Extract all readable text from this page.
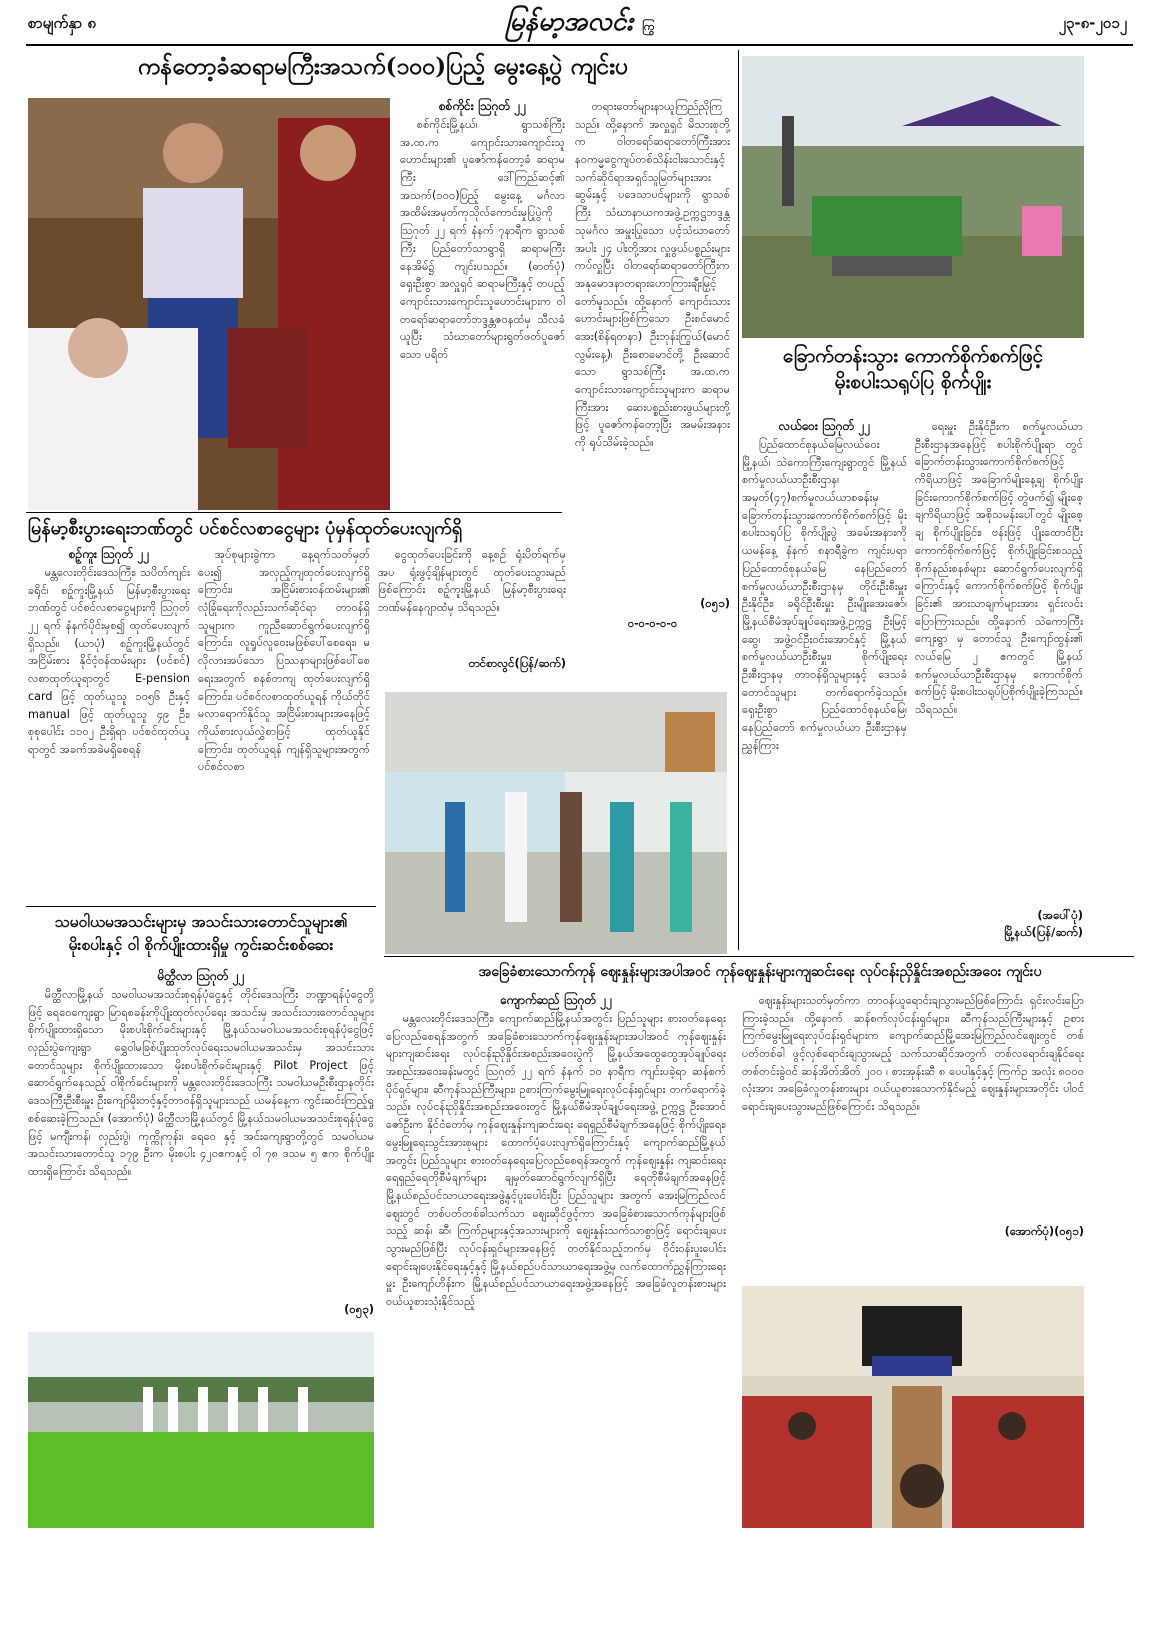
စာမျက်နှာ ၈	မြန်မာ့အလင်း ကြွ	၂၃-၈-၂၀၁၂
ကန်တော့ခံဆရာမကြီးအသက်(၁၀၀)ပြည့် မွေးနေ့ပွဲ ကျင်းပ
စစ်ကိုင်း ဩဂုတ် ၂၂

စစ်ကိုင်းမြို့နယ်၊ ရွာသစ်ကြီး အ.ထ.က ကျောင်းသားကျောင်းသူဟောင်းများ၏ ပူဇော်ကန်တော့ခံ ဆရာမကြီး ဒေါ်ကြည်ဆင့်၏ အသက်(၁၀၀)ပြည့် မွေးနေ့ မင်္ဂလာအထိမ်းအမှတ်ကုသိုလ်ကောင်းမှုပြုပွဲကို ဩဂုတ် ၂၂ ရက် နံနက် ၇နာရီက ရွာသစ်ကြီး ပြည်တော်သာရွာရှိ ဆရာမကြီး နေအိမ်၌ ကျင်းပသည်။ (ဓာတ်ပုံ) ရှေးဦးစွာ အလှူရှင် ဆရာမကြီးနှင့် တပည့်ကျောင်းသားကျောင်းသူဟောင်းများက ဝါတရော်ဆရာတော်ဘဒ္ဒန္တဇဝနထံမှ သီလခံယူပြီး သံဃာတော်များရွတ်ဖတ်ပူဇော်သော ပရိတ်

တရားတော်များနာယူကြည်ညိုကြသည်။ ထို့နောက် အလှူရှင် မိသားစုတို့က ဝါတရော်ဆရာတော်ကြီးအား နဝကမ္မငွေကျပ်တစ်သိန်းငါးသောင်းနှင့် သက်ဆိုင်ရာအရှင်သူမြတ်များအား ဆွမ်းနှင့် ပဒေသာပင်များကို ရွာသစ်ကြီး သံဃာနာယကအဖွဲ့ဥက္ကဋ္ဌဘဒ္ဒန္တသုမင်္ဂလ အမှူးပြုသော ပင့်သံဃာတော်အပါး ၂၄ ပါးတို့အား လှူဖွယ်ပစ္စည်းများ ကပ်လှူပြီး ဝါတရော်ဆရာတော်ကြီးက အနုမောဒနာတရားဟောကြားချီးမြှင့်တော်မူသည်။ ထို့နောက် ကျောင်းသားဟောင်းများဖြစ်ကြသော ဦးစင်မောင်အေး(စိန်ရတနာ) ဦးဘုန်းကြွယ်(မောင်လွမ်းနေ့)၊ ဦးစောမောင်တို့ ဦးဆောင်သော ရွာသစ်ကြီး အ.ထ.က ကျောင်းသားကျောင်းသူများက ဆရာမကြီးအား ဆေးပစ္စည်းစားဖွယ်များတို့ဖြင့် ပူဇော်ကန်တော့ပြီး အမမ်းအနားကို ရုပ်သိမ်းခဲ့သည်။

(၀၅၁)
၀-၀-၀-၀-၀
ခြောက်တန်းသွား ကောက်စိုက်စက်ဖြင့်
မိုးစပါးသရုပ်ပြ စိုက်ပျိုး
လယ်ဝေး ဩဂုတ် ၂၂

ပြည်ထောင်စုနယ်မြေလယ်ဝေးမြို့နယ်၊ သဲကောကြီးကျေးရွာတွင် မြို့နယ်စက်မှုလယ်ယာဦးစီးဌာန၊ အမှတ်(၄၇)စက်မှုလယ်ယာစခန်းမှ ခြောက်တန်းသွားကောက်စိုက်စက်ဖြင့် မိုးစပါးသရုပ်ပြ စိုက်ပျိုးပွဲ အခမ်းအနားကို ယမန်နေ့ နံနက် ၈နာရီခွဲက ကျင်းပရာ ပြည်ထောင်စုနယ်မြေ နေပြည်တော် စက်မှုလယ်ယာဦးစီးဌာနမှ တိုင်းဦးစီးမှူး ဦးနိုင်ဦး၊ ခရိုင်ဦးစီးမှူး ဦးမျိုးအေးဇော်၊ မြို့နယ်စီမံအုပ်ချုပ်ရေးအဖွဲ့ဥက္ကဋ္ဌ ဦးမြင့်ဆွေ၊ အဖွဲ့ဝင်ဦးဝင်းအောင်နှင့် မြို့နယ်စက်မှုလယ်ယာဦးစီးမှူး၊ စိုက်ပျိုးရေးဦးစီးဌာနမှ တာဝန်ရှိသူများနှင့် ဒေသခံတောင်သူများ တက်ရောက်ခဲ့သည်။ ရှေးဦးစွာ ပြည်ထောင်စုနယ်မြေ၊ နေပြည်တော် စက်မှုလယ်ယာ ဦးစီးဌာနမှ ညွှန်ကြား

ရေးမှူး ဦးနိုင်ဦးက စက်မှုလယ်ယာဦးစီးဌာနအနေဖြင့် စပါးစိုက်ပျိုးရာ တွင် ခြောက်တန်းသွားကောက်စိုက်စက်ဖြင့် ကိရိယာဖြင့် အခြောက်မျိုးနေ့ချ စိုက်ပျိုးခြင်းကောက်စိုက်စက်ဖြင့် တွဲဖက်၍ မျိုးစေ့ချကိရိယာဖြင့် အစိုသမန်းပေါ်တွင် မျိုးစေ့ချ စိုက်ပျိုးခြင်း၊ ဗန်းဖြင့် ပျိုးထောင်ပြီး ကောက်စိုက်စက်ဖြင့် စိုက်ပျိုးခြင်းစသည့် စိုက်နည်းစနစ်များ ဆောင်ရွက်ပေးလျက်ရှိကြောင်းနှင့် ကောက်စိုက်စက်ဖြင့် စိုက်ပျိုးခြင်း၏ အားသာချက်များအား ရှင်းလင်းပြောကြားသည်။ ထို့နောက် သဲကောကြီးကျေးရွာ မှ တောင်သူ ဦးကျော်ထွန်း၏ လယ်မြေ ၂ ဧကတွင် မြို့နယ်စက်မှုလယ်ယာဦးစီးဌာနမှ ကောက်စိုက်စက်ဖြင့် မိုးစပါးသရုပ်ပြစိုက်ပျိုးခဲ့ကြသည်။ သိရသည်။

(အပေါ်ပုံ)
မြို့နယ်(ပြန်/ဆက်)
မြန်မာ့စီးပွားရေးဘဏ်တွင် ပင်စင်လစာငွေများ ပုံမှန်ထုတ်ပေးလျက်ရှိ
စဥ့်ကူး ဩဂုတ် ၂၂

မန္တလေးတိုင်းဒေသကြီး၊ သပိတ်ကျင်းခရိုင်၊ စဥ့်ကူးမြို့နယ် မြန်မာ့စီးပွားရေးဘဏ်တွင် ပင်စင်လစာငွေများကို ဩဂုတ် ၂၂ ရက် နံနက်ပိုင်းမှစ၍ ထုတ်ပေးလျက်ရှိသည်။ (ယာပုံ) စဥ့်ကူးမြို့နယ်တွင် အငြိမ်းစား နိုင်ငံ့ဝန်ထမ်းများ (ပင်စင်) လစာထုတ်ယူရာတွင် E-pension card ဖြင့် ထုတ်ယူသူ ၁၀၅၆ ဦးနှင့် manual ဖြင့် ထုတ်ယူသူ ၄၉ ဦး၊ စုစုပေါင်း ၁၁၀၂ ဦးရှိရာ ပင်စင်ထုတ်ယူရာတွင် အခက်အခဲမရှိစေရန်

အုပ်စုများခွဲကာ နေ့ရက်သတ်မှတ်ပေး၍ အလှည့်ကျထုတ်ပေးလျက်ရှိကြောင်း၊ အငြိမ်းစားဝန်ထမ်းများ၏ လုံခြုံရေးကိုလည်းသက်ဆိုင်ရာ တာဝန်ရှိသူများက ကူညီဆောင်ရွက်ပေးလျက်ရှိကြောင်း၊ လူရှုပ်လူဝေးမဖြစ်ပေါ်စေရေး၊ မလိုလားအပ်သော ပြဿနာများဖြစ်ပေါ်စေရေးအတွက် စနစ်တကျ ထုတ်ပေးလျက်ရှိကြောင်း၊ ပင်စင်လစာထုတ်ယူရန် ကိုယ်တိုင်မလာရောက်နိုင်သူ အငြိမ်းစားများအနေဖြင့် ကိုယ်စားလှယ်လွှဲစာဖြင့် ထုတ်ယူနိုင်ကြောင်း၊ ထုတ်ယူရန် ကျန်ရှိသူများအတွက် ပင်စင်လစာ

ငွေထုတ်ပေးခြင်းကို နေ့စဥ် ရုံးပိတ်ရက်မှအပ ရုံးဖွင့်ချိန်များတွင် ထုတ်ပေးသွားမည်ဖြစ်ကြောင်း စဥ့်ကူးမြို့နယ် မြန်မာ့စီးပွားရေးဘဏ်မန်နေဂျာထံမှ သိရသည်။

တင်စာလွင်(ပြန်/ဆက်)
သမဝါယမအသင်းများမှ အသင်းသားတောင်သူများ၏
မိုးစပါးနှင့် ဝါ စိုက်ပျိုးထားရှိမှု ကွင်းဆင်းစစ်ဆေး
မိတ္ထီလာ ဩဂုတ် ၂၂

မိတ္ထီလာမြို့နယ် သမဝါယမအသင်းစုရန်ပုံငွေနှင့် တိုင်းဒေသကြီး ဘဏ္ဍာရန်ပုံငွေတို့ဖြင့် ရေဝေကျေးရွာ မြာရစခန်းကိုပျိုးထုတ်လုပ်ရေး အသင်းမှ အသင်းသားတောင်သူများ စိုက်ပျိုးထားရှိသော မိုးစပါးစိုက်ခင်းများနှင့် မြို့နယ်သမဝါယမအသင်းစုရန်ပုံငွေဖြင့် လှည်းပွဲကျေးရွာ ရွှေဝါမခြစ်ပျိုးထုတ်လုပ်ရေးသမဝါယမအသင်းမှ အသင်းသား တောင်သူများ စိုက်ပျိုးထားသော မိုးစပါးစိုက်ခင်းများနှင့် Pilot Project ဖြင့် ဆောင်ရွက်နေသည့် ဝါစိုက်ခင်းများကို မန္တလေးတိုင်းဒေသကြီး သမဝါယမဦးစီးဌာနတိုင်းဒေသကြီးဦးစီးမှူး ဦးကျော်မိုးတင့်နှင့်တာဝန်ရှိသူများသည် ယမန်နေ့က ကွင်းဆင်းကြည့်ရှုစစ်ဆေးခဲ့ကြသည်။ (အောက်ပုံ) မိတ္ထီလာမြို့နယ်တွင် မြို့နယ်သမဝါယမအသင်းစုရန်ပုံငွေဖြင့် မကျီးကန်၊ လှည်းပွဲ၊ ကုက္ကိုကုန်း၊ ရေဝေ နှင့် အင်းကျေးရွာတို့တွင် သမဝါယမအသင်းသားတောင်သူ ၁၇၉ ဦးက မိုးစပါး ၄၂၀ဧကနှင့် ဝါ ၇၈ ဒသမ ၅ ဧက စိုက်ပျိုးထားရှိကြောင်း သိရသည်။

(၀၅၃)
အခြေခံစားသောက်ကုန် ဈေးနှုန်းများအပါအဝင် ကုန်ဈေးနှုန်းများကျဆင်းရေး လုပ်ငန်းညှိနှိုင်းအစည်းအဝေး ကျင်းပ
ကျောက်ဆည် ဩဂုတ် ၂၂

မန္တလေးတိုင်းဒေသကြီး၊ ကျောက်ဆည်မြို့နယ်အတွင်း ပြည်သူများ စားဝတ်နေရေးပြေလည်စေရန်အတွက် အခြေခံစားသောက်ကုန်ဈေးနှုန်းများအပါအဝင် ကုန်ဈေးနှုန်းများကျဆင်းရေး လုပ်ငန်းညှိနှိုင်းအစည်းအဝေးပွဲကို မြို့နယ်အထွေထွေအုပ်ချုပ်ရေးအစည်းအဝေးခန်းမတွင် ဩဂုတ် ၂၂ ရက် နံနက် ၁၀ နာရီက ကျင်းပခဲ့ရာ ဆန်စက်ပိုင်ရှင်များ၊ ဆီကုန်သည်ကြီးများ၊ ဥစားကြက်မွေးမြူရေးလုပ်ငန်းရှင်များ တက်ရောက်ခဲ့သည်။ လုပ်ငန်းညှိနှိုင်းအစည်းအဝေးတွင် မြို့နယ်စီမံအုပ်ချုပ်ရေးအဖွဲ့ ဥက္ကဋ္ဌ ဦးအောင်ဇော်ဦးက နိုင်ငံတော်မှ ကုန်ဈေးနှုန်းကျဆင်းရေး ရေရှည်စီမံချက်အနေဖြင့် စိုက်ပျိုးရေး၊ မွေးမြူရေးသွင်းအားစုများ ထောက်ပံ့ပေးလျက်ရှိကြောင်းနှင့် ကျောက်ဆည်မြို့နယ်အတွင်း ပြည်သူများ စားဝတ်နေရေးပြေလည်စေရန်အတွက် ကုန်ဈေးနှုန်း ကျဆင်းရေး ရေရှည်ရေတိုစီမံချက်များ ချမှတ်ဆောင်ရွက်လျက်ရှိပြီး ရေတိုစီမံချက်အနေဖြင့် မြို့နယ်စည်ပင်သာယာရေးအဖွဲ့နှင့်ပူးပေါင်းပြီး ပြည်သူများ အတွက် အေးမြကြည်လင်ဈေးတွင် တစ်ပတ်တစ်ခါသက်သာ ဈေးဆိုင်ဖွင့်ကာ အခြေခံစားသောက်ကုန်များဖြစ်သည့် ဆန်၊ ဆီ၊ ကြက်ဥများနှင့်အသားများကို ဈေးနှုန်းသက်သာစွာဖြင့် ရောင်းချပေးသွားမည်ဖြစ်ပြီး လုပ်ငန်းရှင်များအနေဖြင့် တတ်နိုင်သည့်ဘက်မှ ဝိုင်းဝန်းပူးပေါင်းရောင်းချပေးနိုင်ရေးနှင့်နှင့် မြို့နယ်စည်ပင်သာယာရေးအဖွဲ့မှ လက်ထောက်ညွှန်ကြားရေးမှူး ဦးကျော်ဟိန်းက မြို့နယ်စည်ပင်သာယာရေးအဖွဲ့အနေဖြင့် အခြေခံလူတန်းစားများ ဝယ်ယူစားသုံးနိုင်သည့်

ဈေးနှုန်းများသတ်မှတ်ကာ တာဝန်ယူရောင်းချသွားမည်ဖြစ်ကြောင်း ရှင်းလင်းပြောကြားခဲ့သည်။ ထို့နောက် ဆန်စက်လုပ်ငန်းရှင်များ၊ ဆီကုန်သည်ကြီးများနှင့် ဥစားကြက်မွေးမြူရေးလုပ်ငန်းရှင်များက ကျောက်ဆည်မြို့အေးမြကြည်လင်ဈေးတွင် တစ်ပတ်တစ်ခါ ဖွင့်လှစ်ရောင်းချသွားမည့် သက်သာဆိုင်အတွက် တစ်လရောင်းချနိုင်ရေး တစ်တင်းခွဲဝင် ဆန်အိတ်အိတ် ၂၀၀ ၊ စားအုန်းဆီ ၈ ပေပါနှင့်နှင့် ကြက်ဥ အလုံး ၈၀၀၀ လုံးအား အခြေခံလူတန်းစားများ ဝယ်ယူစားသောက်နိုင်မည့် ဈေးနှုန်းများအတိုင်း ပါဝင်ရောင်းချပေးသွားမည်ဖြစ်ကြောင်း သိရသည်။

(အောက်ပုံ)(၀၅၁)
